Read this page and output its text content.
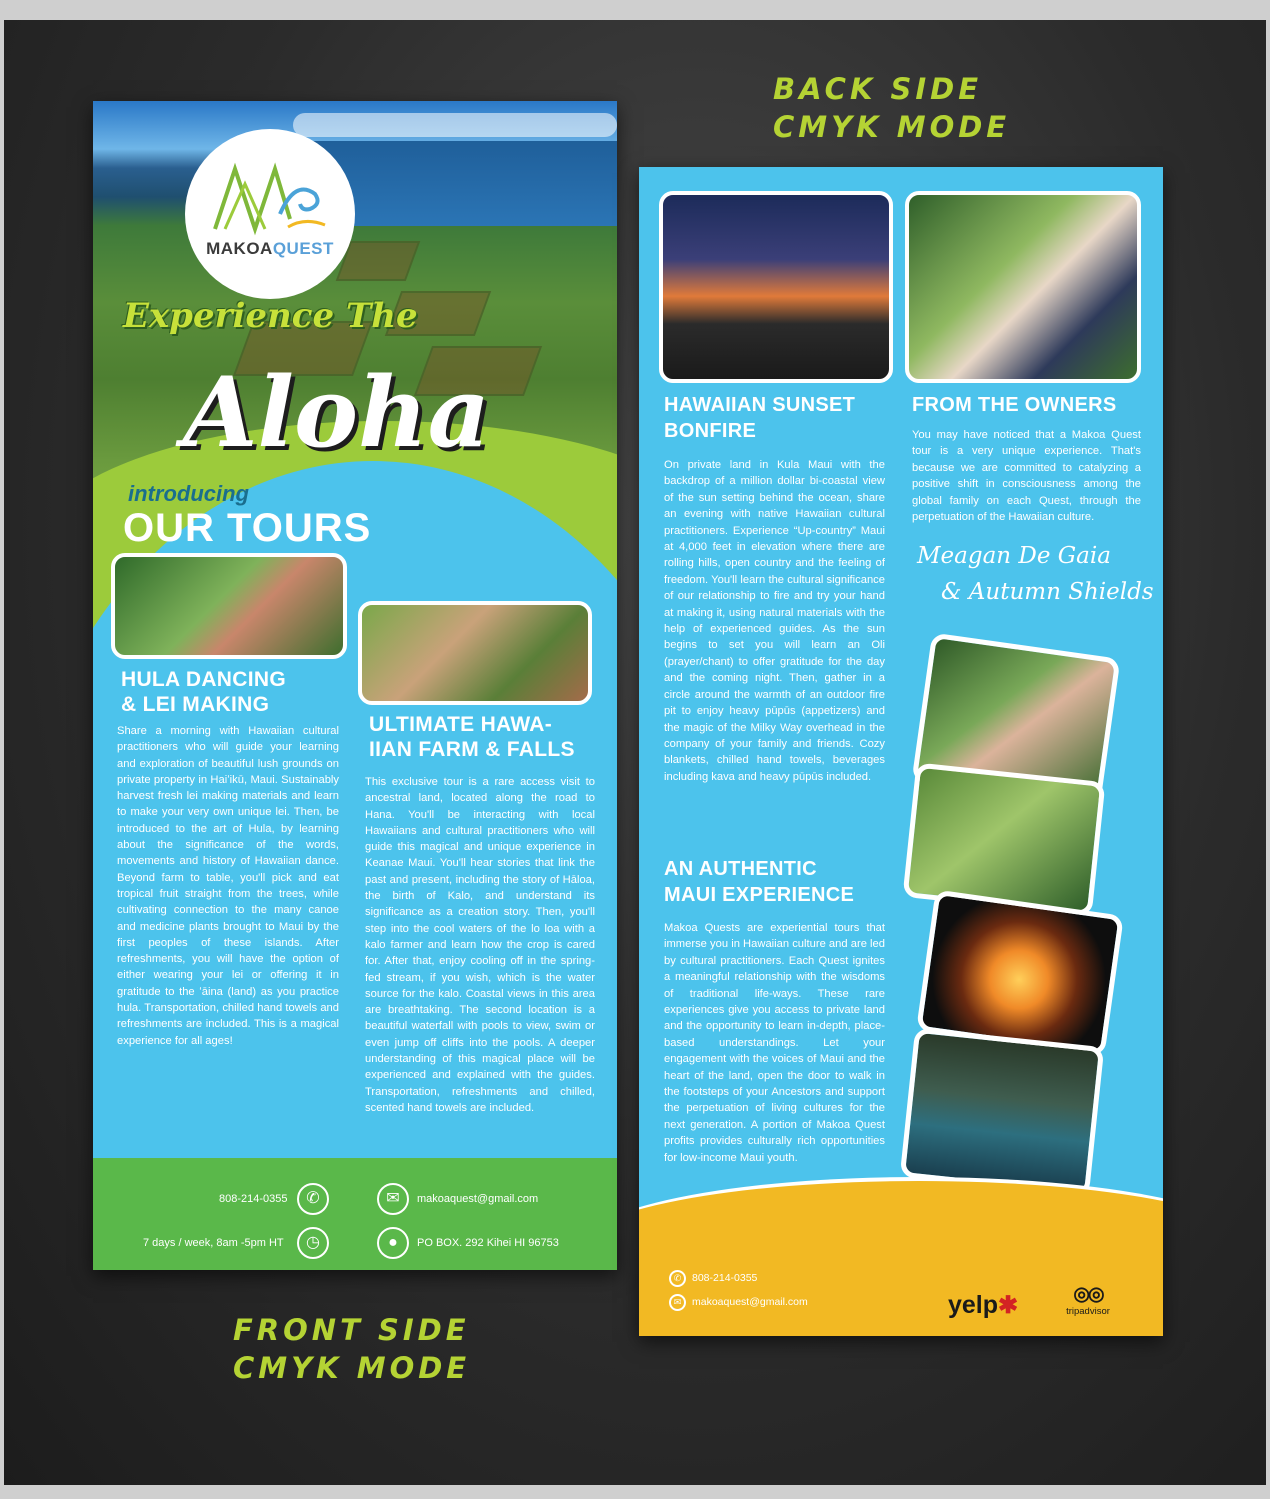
BACK SIDE
CMYK MODE
FRONT SIDE
CMYK MODE
MAKOAQUEST
Experience The
Aloha
introducing
OUR TOURS
HULA DANCING
& LEI MAKING
Share a morning with Hawaiian cultural practitioners who will guide your learning and exploration of beautiful lush grounds on private property in Haiʻikū, Maui. Sustainably harvest fresh lei making materials and learn to make your very own unique lei. Then, be introduced to the art of Hula, by learning about the significance of the words, movements and history of Hawaiian dance. Beyond farm to table, you'll pick and eat tropical fruit straight from the trees, while cultivating connection to the many canoe and medicine plants brought to Maui by the first peoples of these islands. After refreshments, you will have the option of either wearing your lei or offering it in gratitude to the ʻāina (land) as you practice hula. Transportation, chilled hand towels and refreshments are included. This is a magical experience for all ages!
ULTIMATE HAWA-
IIAN FARM & FALLS
This exclusive tour is a rare access visit to ancestral land, located along the road to Hana. You'll be interacting with local Hawaiians and cultural practitioners who will guide this magical and unique experience in Keanae Maui. You'll hear stories that link the past and present, including the story of Hāloa, the birth of Kalo, and understand its significance as a creation story. Then, you'll step into the cool waters of the lo loa with a kalo farmer and learn how the crop is cared for. After that, enjoy cooling off in the spring-fed stream, if you wish, which is the water source for the kalo. Coastal views in this area are breathtaking. The second location is a beautiful waterfall with pools to view, swim or even jump off cliffs into the pools. A deeper understanding of this magical place will be experienced and explained with the guides. Transportation, refreshments and chilled, scented hand towels are included.
808-214-0355	✆	✉	makoaquest@gmail.com
7 days / week, 8am -5pm HT	◷	●	PO BOX. 292 Kihei HI 96753
HAWAIIAN SUNSET
BONFIRE
On private land in Kula Maui with the backdrop of a million dollar bi-coastal view of the sun setting behind the ocean, share an evening with native Hawaiian cultural practitioners. Experience “Up-country” Maui at 4,000 feet in elevation where there are rolling hills, open country and the feeling of freedom. You'll learn the cultural significance of our relationship to fire and try your hand at making it, using natural materials with the help of experienced guides. As the sun begins to set you will learn an Oli (prayer/chant) to offer gratitude for the day and the coming night. Then, gather in a circle around the warmth of an outdoor fire pit to enjoy heavy pūpūs (appetizers) and the magic of the Milky Way overhead in the company of your family and friends. Cozy blankets, chilled hand towels, beverages including kava and heavy pūpūs included.
FROM THE OWNERS
You may have noticed that a Makoa Quest tour is a very unique experience. That's because we are committed to catalyzing a positive shift in consciousness among the global family on each Quest, through the perpetuation of the Hawaiian culture.
Meagan De Gaia
& Autumn Shields
AN AUTHENTIC
MAUI EXPERIENCE
Makoa Quests are experiential tours that immerse you in Hawaiian culture and are led by cultural practitioners. Each Quest ignites a meaningful relationship with the wisdoms of traditional life-ways. These rare experiences give you access to private land and the opportunity to learn in-depth, place-based understandings. Let your engagement with the voices of Maui and the heart of the land, open the door to walk in the footsteps of your Ancestors and support the perpetuation of living cultures for the next generation. A portion of Makoa Quest profits provides culturally rich opportunities for low-income Maui youth.
✆	808-214-0355
✉	makoaquest@gmail.com	yelp✱	◎◎
tripadvisor
